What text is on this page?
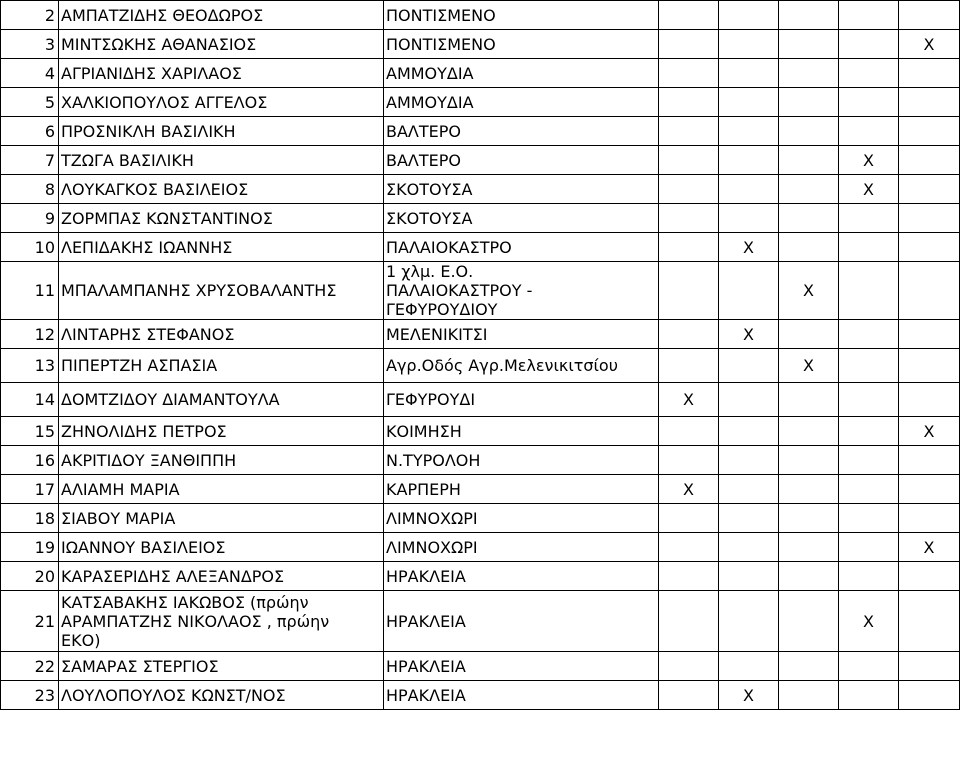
2	ΑΜΠΑΤΖΙΔΗΣ ΘΕΟΔΩΡΟΣ	ΠΟΝΤΙΣΜΕΝΟ					
3	ΜΙΝΤΣΩΚΗΣ ΑΘΑΝΑΣΙΟΣ	ΠΟΝΤΙΣΜΕΝΟ					X
4	ΑΓΡΙΑΝΙΔΗΣ ΧΑΡΙΛΑΟΣ	ΑΜΜΟΥΔΙΑ					
5	ΧΑΛΚΙΟΠΟΥΛΟΣ ΑΓΓΕΛΟΣ	ΑΜΜΟΥΔΙΑ					
6	ΠΡΟΣΝΙΚΛΗ ΒΑΣΙΛΙΚΗ	ΒΑΛΤΕΡΟ					
7	ΤΖΩΓΑ ΒΑΣΙΛΙΚΗ	ΒΑΛΤΕΡΟ				X	
8	ΛΟΥΚΑΓΚΟΣ ΒΑΣΙΛΕΙΟΣ	ΣΚΟΤΟΥΣΑ				X	
9	ΖΟΡΜΠΑΣ ΚΩΝΣΤΑΝΤΙΝΟΣ	ΣΚΟΤΟΥΣΑ					
10	ΛΕΠΙΔΑΚΗΣ ΙΩΑΝΝΗΣ	ΠΑΛΑΙΟΚΑΣΤΡΟ		X			
11	ΜΠΑΛΑΜΠΑΝΗΣ ΧΡΥΣΟΒΑΛΑΝΤΗΣ	1 χλμ. Ε.Ο.
ΠΑΛΑΙΟΚΑΣΤΡΟΥ -
ΓΕΦΥΡΟΥΔΙΟΥ			X		
12	ΛΙΝΤΑΡΗΣ ΣΤΕΦΑΝΟΣ	ΜΕΛΕΝΙΚΙΤΣΙ		X			
13	ΠΙΠΕΡΤΖΗ ΑΣΠΑΣΙΑ	Αγρ.Οδός Αγρ.Μελενικιτσίου			X		
14	ΔΟΜΤΖΙΔΟΥ ΔΙΑΜΑΝΤΟΥΛΑ	ΓΕΦΥΡΟΥΔΙ	X				
15	ΖΗΝΟΛΙΔΗΣ ΠΕΤΡΟΣ	ΚΟΙΜΗΣΗ					X
16	ΑΚΡΙΤΙΔΟΥ ΞΑΝΘΙΠΠΗ	Ν.ΤΥΡΟΛΟΗ					
17	ΑΛΙΑΜΗ ΜΑΡΙΑ	ΚΑΡΠΕΡΗ	X				
18	ΣΙΑΒΟΥ ΜΑΡΙΑ	ΛΙΜΝΟΧΩΡΙ					
19	ΙΩΑΝΝΟΥ ΒΑΣΙΛΕΙΟΣ	ΛΙΜΝΟΧΩΡΙ					X
20	ΚΑΡΑΣΕΡΙΔΗΣ ΑΛΕΞΑΝΔΡΟΣ	ΗΡΑΚΛΕΙΑ					
21	ΚΑΤΣΑΒΑΚΗΣ ΙΑΚΩΒΟΣ (πρώην
ΑΡΑΜΠΑΤΖΗΣ ΝΙΚΟΛΑΟΣ , πρώην
ΕΚΟ)	ΗΡΑΚΛΕΙΑ				X	
22	ΣΑΜΑΡΑΣ ΣΤΕΡΓΙΟΣ	ΗΡΑΚΛΕΙΑ					
23	ΛΟΥΛΟΠΟΥΛΟΣ ΚΩΝΣΤ/ΝΟΣ	ΗΡΑΚΛΕΙΑ		X			
